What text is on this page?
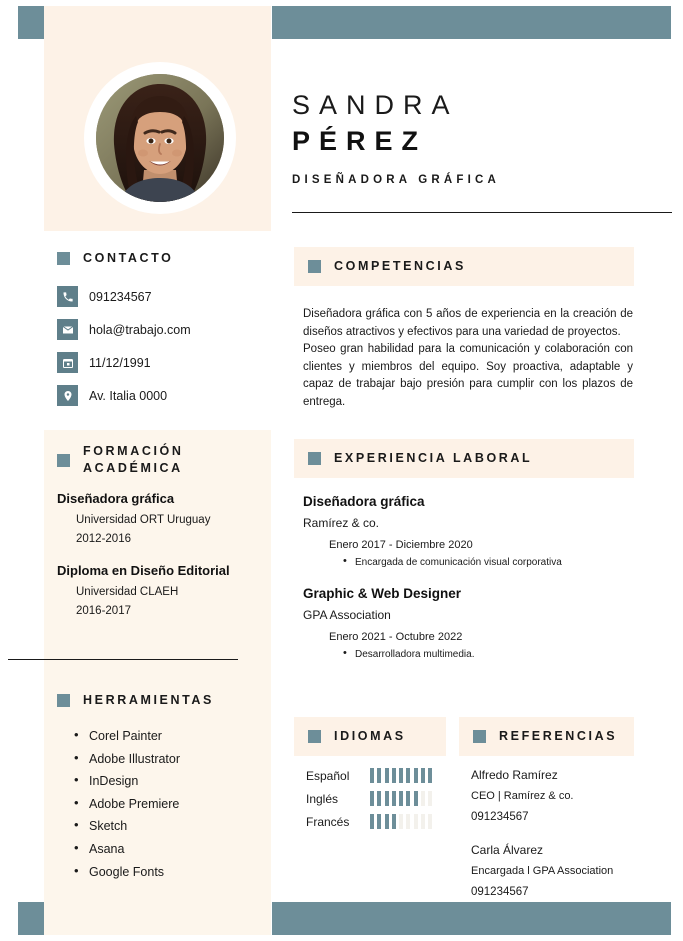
SANDRA
PÉREZ
DISEÑADORA GRÁFICA
CONTACTO
091234567
hola@trabajo.com
11/12/1991
Av. Italia 0000
FORMACIÓN
ACADÉMICA
Diseñadora gráfica
Universidad ORT Uruguay
2012-2016
Diploma en Diseño Editorial
Universidad CLAEH
2016-2017
HERRAMIENTAS
• Corel Painter
• Adobe Illustrator
• InDesign
• Adobe Premiere
• Sketch
• Asana
• Google Fonts
COMPETENCIAS

Diseñadora gráfica con 5 años de experiencia en la creación de diseños atractivos y efectivos para una variedad de proyectos.

Poseo gran habilidad para la comunicación y colaboración con clientes y miembros del equipo. Soy proactiva, adaptable y capaz de trabajar bajo presión para cumplir con los plazos de entrega.

EXPERIENCIA LABORAL
Diseñadora gráfica
Ramírez & co.
Enero 2017 - Diciembre 2020
• Encargada de comunicación visual corporativa
Graphic & Web Designer
GPA Association
Enero 2021 - Octubre 2022
• Desarrolladora multimedia.
IDIOMAS
Español
Inglés
Francés
REFERENCIAS
Alfredo Ramírez
CEO | Ramírez & co.
091234567
Carla Álvarez
Encargada l GPA Association
091234567
